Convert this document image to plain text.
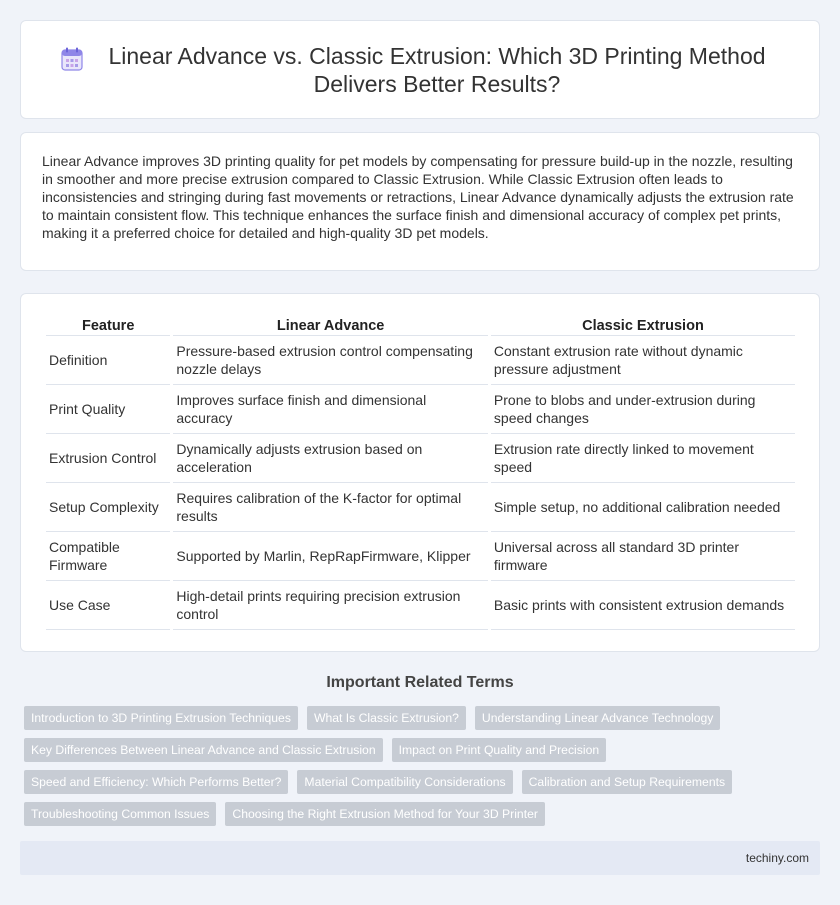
Linear Advance vs. Classic Extrusion: Which 3D Printing Method Delivers Better Results?

Linear Advance improves 3D printing quality for pet models by compensating for pressure build-up in the nozzle, resulting in smoother and more precise extrusion compared to Classic Extrusion. While Classic Extrusion often leads to inconsistencies and stringing during fast movements or retractions, Linear Advance dynamically adjusts the extrusion rate to maintain consistent flow. This technique enhances the surface finish and dimensional accuracy of complex pet prints, making it a preferred choice for detailed and high-quality 3D pet models.

Feature	Linear Advance	Classic Extrusion
Definition	Pressure-based extrusion control compensating nozzle delays	Constant extrusion rate without dynamic pressure adjustment
Print Quality	Improves surface finish and dimensional accuracy	Prone to blobs and under-extrusion during speed changes
Extrusion Control	Dynamically adjusts extrusion based on acceleration	Extrusion rate directly linked to movement speed
Setup Complexity	Requires calibration of the K-factor for optimal results	Simple setup, no additional calibration needed
Compatible Firmware	Supported by Marlin, RepRapFirmware, Klipper	Universal across all standard 3D printer firmware
Use Case	High-detail prints requiring precision extrusion control	Basic prints with consistent extrusion demands
Important Related Terms
Introduction to 3D Printing Extrusion Techniques	What Is Classic Extrusion?	Understanding Linear Advance Technology
Key Differences Between Linear Advance and Classic Extrusion	Impact on Print Quality and Precision
Speed and Efficiency: Which Performs Better?	Material Compatibility Considerations	Calibration and Setup Requirements
Troubleshooting Common Issues	Choosing the Right Extrusion Method for Your 3D Printer
techiny.com
